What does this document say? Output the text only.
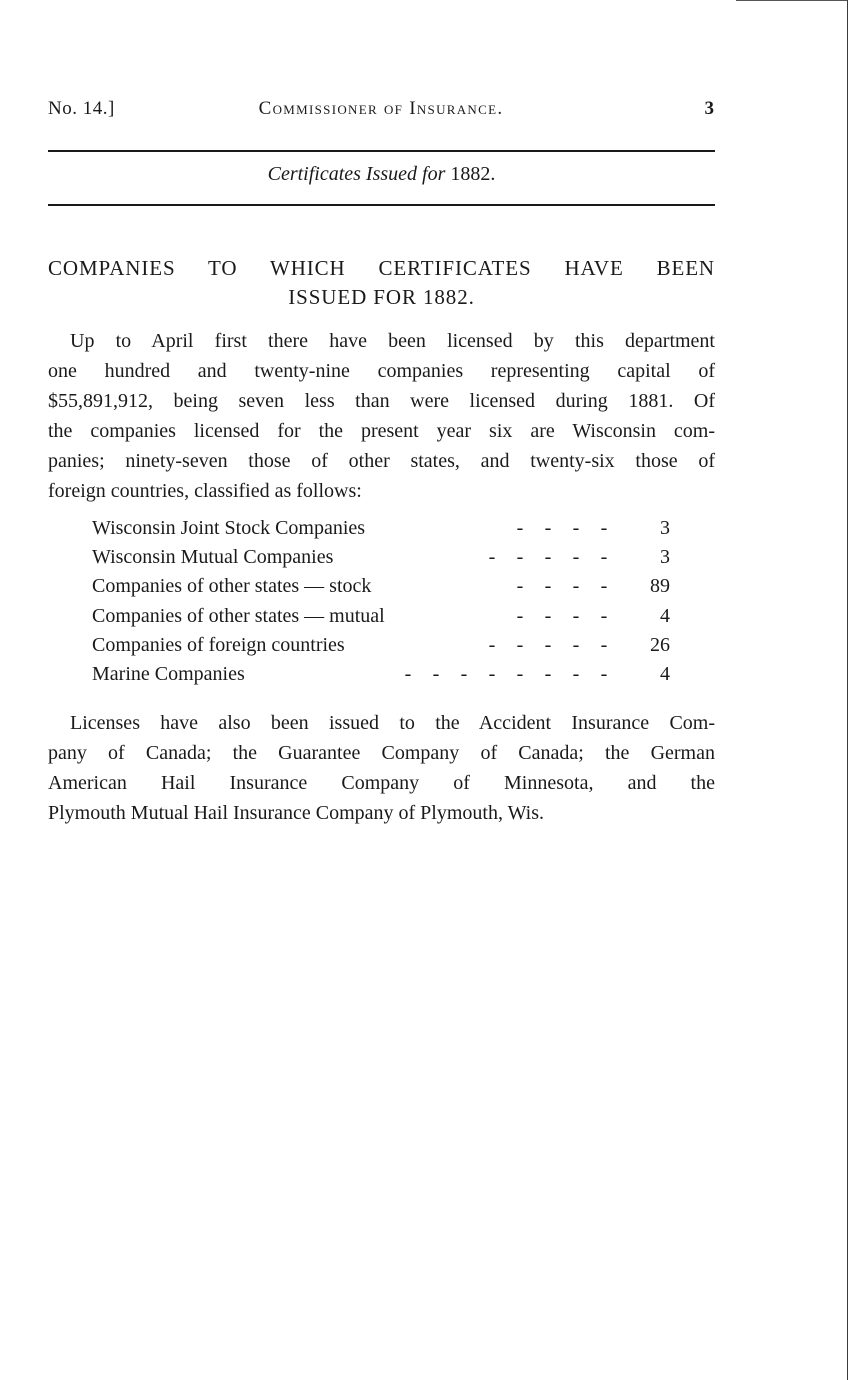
No. 14.]	Commissioner of Insurance.	3
Certificates Issued for 1882.
COMPANIES TO WHICH CERTIFICATES HAVE BEEN
ISSUED FOR 1882.
Up to April first there have been licensed by this department
one hundred and twenty-nine companies representing capital of
$55,891,912, being seven less than were licensed during 1881. Of
the companies licensed for the present year six are Wisconsin com-
panies; ninety-seven those of other states, and twenty-six those of
foreign countries, classified as follows:
Wisconsin Joint Stock Companies	- - - -	3
Wisconsin Mutual Companies	- - - - -	3
Companies of other states — stock	- - - -	89
Companies of other states — mutual	- - - -	4
Companies of foreign countries	- - - - -	26
Marine Companies	- - - - - - - -	4
Licenses have also been issued to the Accident Insurance Com-
pany of Canada; the Guarantee Company of Canada; the German
American Hail Insurance Company of Minnesota, and the
Plymouth Mutual Hail Insurance Company of Plymouth, Wis.
